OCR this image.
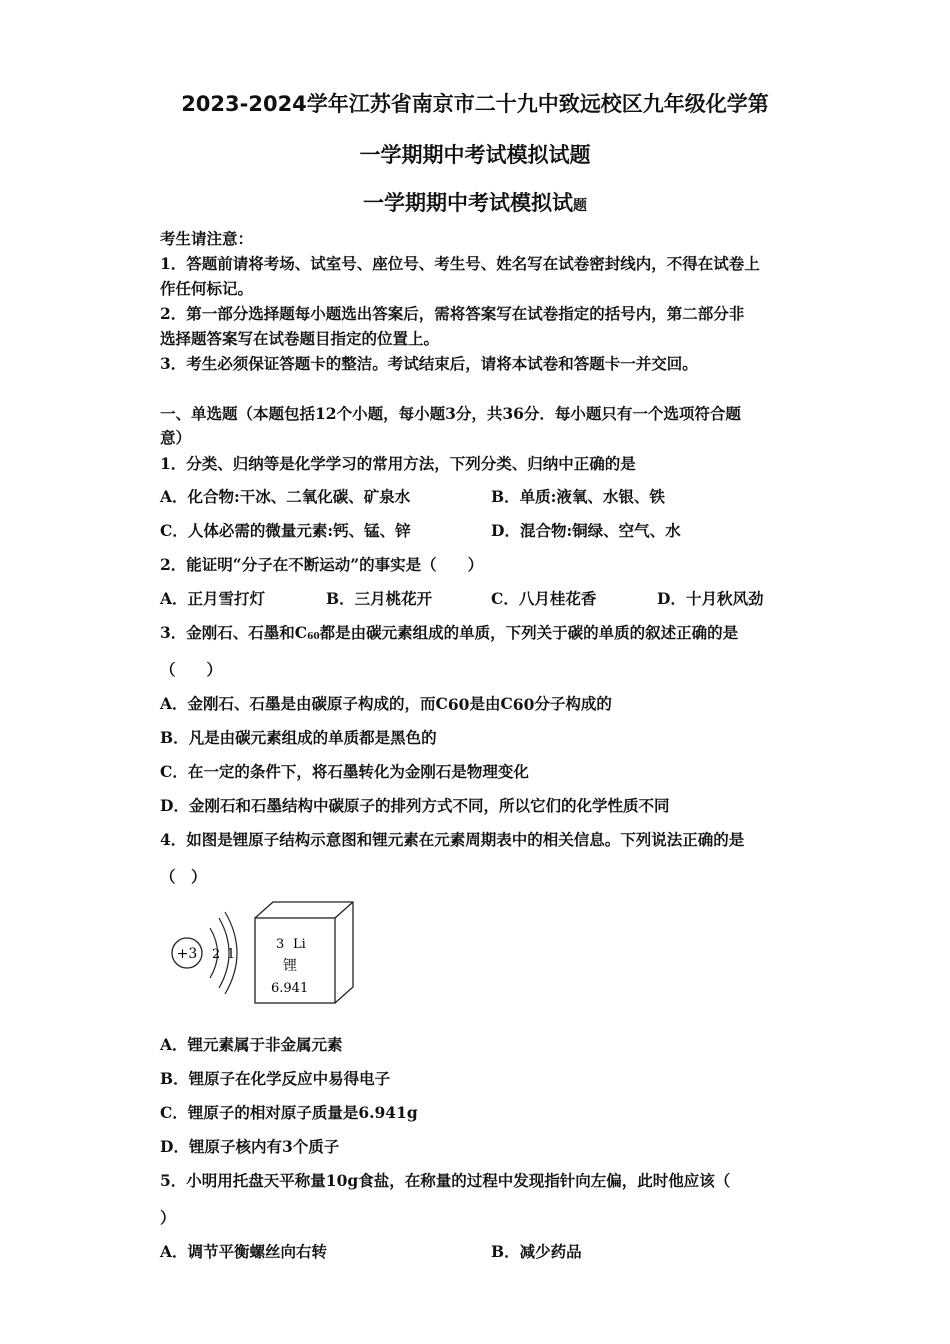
2023-2024学年江苏省南京市二十九中致远校区九年级化学第
一学期期中考试模拟试题
一学期期中考试模拟试题
考生请注意：
1．答题前请将考场、试室号、座位号、考生号、姓名写在试卷密封线内，不得在试卷上
作任何标记。
2．第一部分选择题每小题选出答案后，需将答案写在试卷指定的括号内，第二部分非
选择题答案写在试卷题目指定的位置上。
3．考生必须保证答题卡的整洁。考试结束后，请将本试卷和答题卡一并交回。
一、单选题（本题包括12个小题，每小题3分，共36分．每小题只有一个选项符合题
意）
1．分类、归纳等是化学学习的常用方法，下列分类、归纳中正确的是
A．化合物:干冰、二氧化碳、矿泉水	B．单质:液氧、水银、铁
C．人体必需的微量元素:钙、锰、锌	D．混合物:铜绿、空气、水
2．能证明“分子在不断运动”的事实是（　　）
A．正月雪打灯	B．三月桃花开	C．八月桂花香	D．十月秋风劲
3．金刚石、石墨和$C_{60}$都是由碳元素组成的单质，下列关于碳的单质的叙述正确的是
（　　）
A．金刚石、石墨是由碳原子构成的，而$C_{60}$是由$C_{60}$分子构成的
B．凡是由碳元素组成的单质都是黑色的
C．在一定的条件下，将石墨转化为金刚石是物理变化
D．金刚石和石墨结构中碳原子的排列方式不同，所以它们的化学性质不同
4．如图是锂原子结构示意图和锂元素在元素周期表中的相关信息。下列说法正确的是
（　）
+3 2 1
3 Li
锂
6.941
A．锂元素属于非金属元素
B．锂原子在化学反应中易得电子
C．锂原子的相对原子质量是6.941g
D．锂原子核内有3个质子
5．小明用托盘天平称量10g食盐，在称量的过程中发现指针向左偏，此时他应该（
）
A．调节平衡螺丝向右转	B．减少药品
